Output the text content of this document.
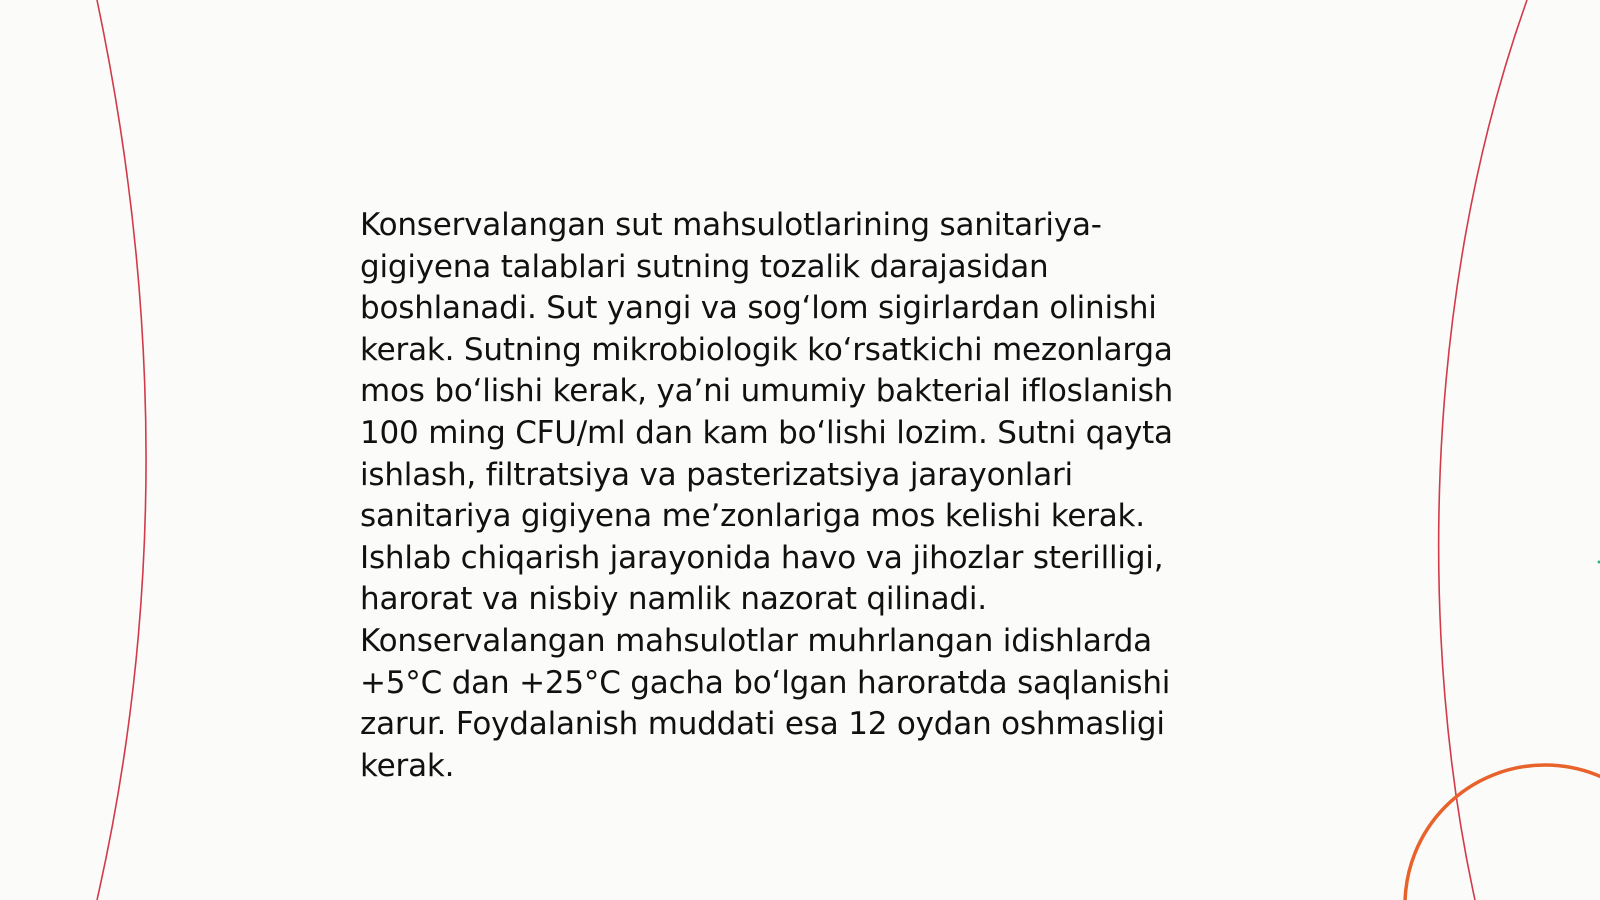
Konservalangan sut mahsulotlarining sanitariya-
gigiyena talablari sutning tozalik darajasidan
boshlanadi. Sut yangi va sog‘lom sigirlardan olinishi
kerak. Sutning mikrobiologik ko‘rsatkichi mezonlarga
mos bo‘lishi kerak, ya’ni umumiy bakterial ifloslanish
100 ming CFU/ml dan kam bo‘lishi lozim. Sutni qayta
ishlash, filtratsiya va pasterizatsiya jarayonlari
sanitariya gigiyena me’zonlariga mos kelishi kerak.
Ishlab chiqarish jarayonida havo va jihozlar sterilligi,
harorat va nisbiy namlik nazorat qilinadi.
Konservalangan mahsulotlar muhrlangan idishlarda
+5°C dan +25°C gacha bo‘lgan haroratda saqlanishi
zarur. Foydalanish muddati esa 12 oydan oshmasligi
kerak.
